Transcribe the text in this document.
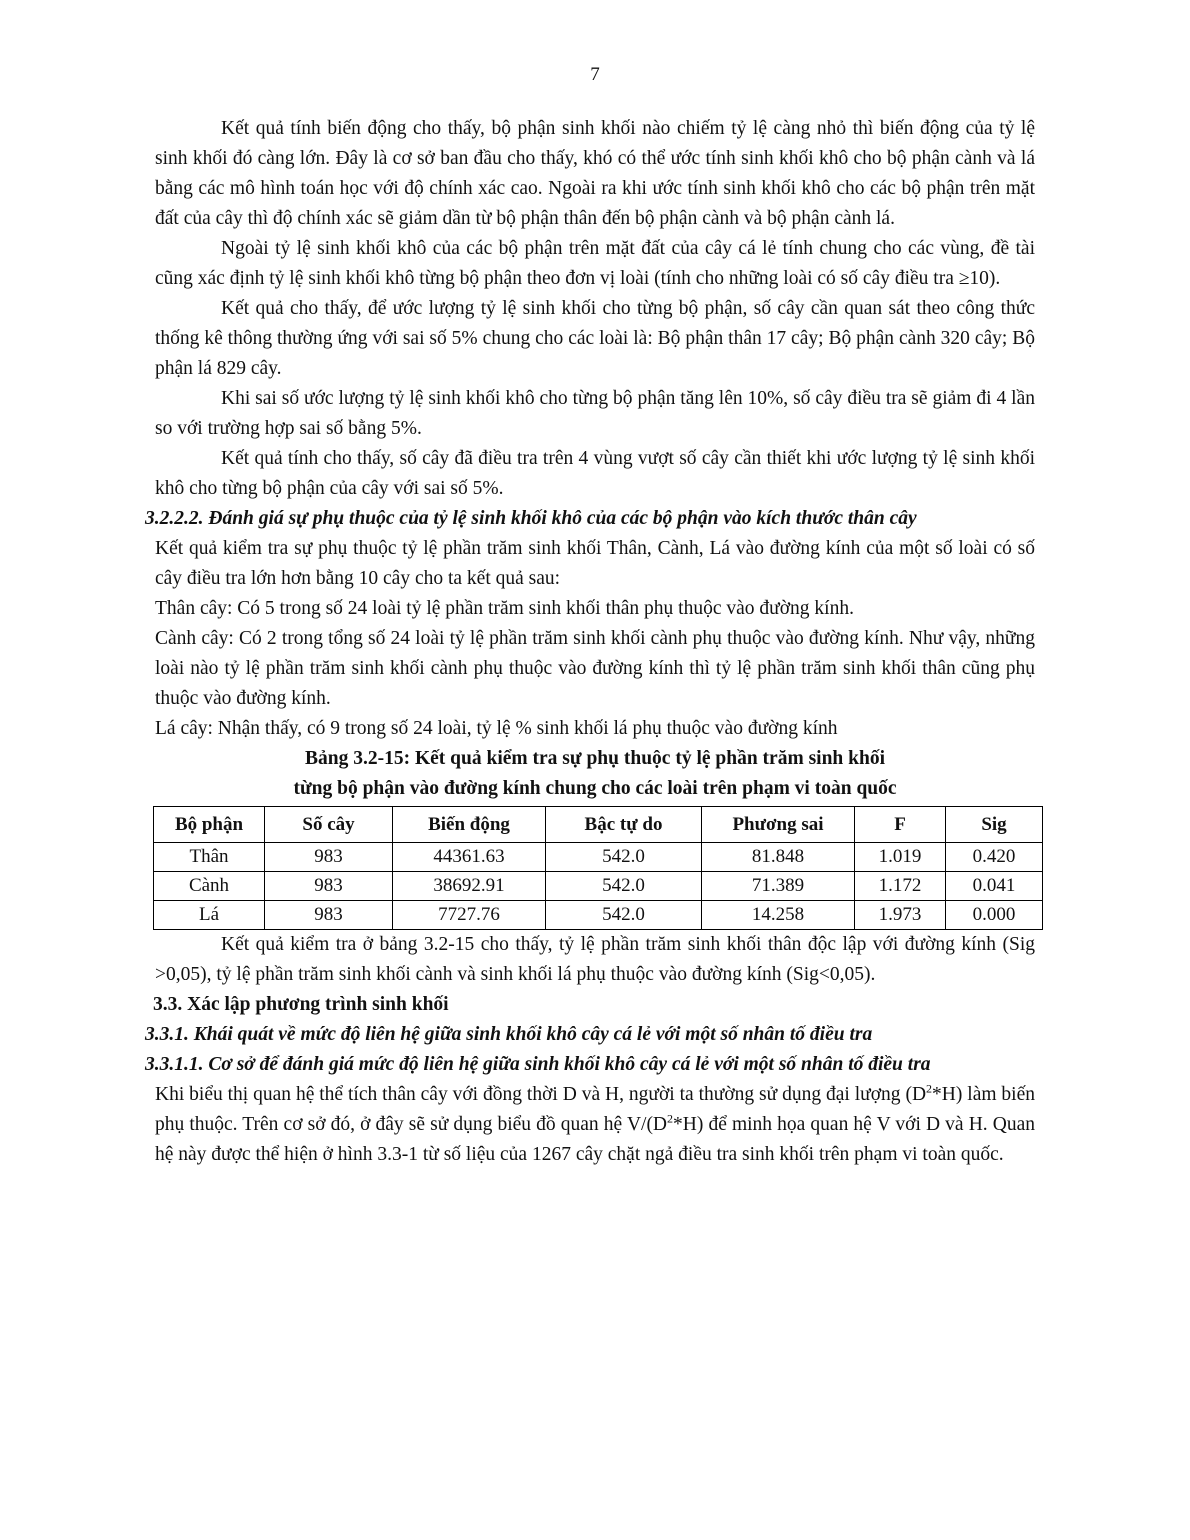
7

Kết quả tính biến động cho thấy, bộ phận sinh khối nào chiếm tỷ lệ càng nhỏ thì biến động của tỷ lệ sinh khối đó càng lớn. Đây là cơ sở ban đầu cho thấy, khó có thể ước tính sinh khối khô cho bộ phận cành và lá bằng các mô hình toán học với độ chính xác cao. Ngoài ra khi ước tính sinh khối khô cho các bộ phận trên mặt đất của cây thì độ chính xác sẽ giảm dần từ bộ phận thân đến bộ phận cành và bộ phận cành lá.

Ngoài tỷ lệ sinh khối khô của các bộ phận trên mặt đất của cây cá lẻ tính chung cho các vùng, đề tài cũng xác định tỷ lệ sinh khối khô từng bộ phận theo đơn vị loài (tính cho những loài có số cây điều tra ≥10).

Kết quả cho thấy, để ước lượng tỷ lệ sinh khối cho từng bộ phận, số cây cần quan sát theo công thức thống kê thông thường ứng với sai số 5% chung cho các loài là: Bộ phận thân 17 cây; Bộ phận cành 320 cây; Bộ phận lá 829 cây.

Khi sai số ước lượng tỷ lệ sinh khối khô cho từng bộ phận tăng lên 10%, số cây điều tra sẽ giảm đi 4 lần so với trường hợp sai số bằng 5%.

Kết quả tính cho thấy, số cây đã điều tra trên 4 vùng vượt số cây cần thiết khi ước lượng tỷ lệ sinh khối khô cho từng bộ phận của cây với sai số 5%.

3.2.2.2. Đánh giá sự phụ thuộc của tỷ lệ sinh khối khô của các bộ phận vào kích thước thân cây

Kết quả kiểm tra sự phụ thuộc tỷ lệ phần trăm sinh khối Thân, Cành, Lá vào đường kính của một số loài có số cây điều tra lớn hơn bằng 10 cây cho ta kết quả sau:

Thân cây: Có 5 trong số 24 loài tỷ lệ phần trăm sinh khối thân phụ thuộc vào đường kính.

Cành cây: Có 2 trong tổng số 24 loài tỷ lệ phần trăm sinh khối cành phụ thuộc vào đường kính. Như vậy, những loài nào tỷ lệ phần trăm sinh khối cành phụ thuộc vào đường kính thì tỷ lệ phần trăm sinh khối thân cũng phụ thuộc vào đường kính.

Lá cây: Nhận thấy, có 9 trong số 24 loài, tỷ lệ % sinh khối lá phụ thuộc vào đường kính

Bảng 3.2-15: Kết quả kiểm tra sự phụ thuộc tỷ lệ phần trăm sinh khối
từng bộ phận vào đường kính chung cho các loài trên phạm vi toàn quốc
Bộ phận	Số cây	Biến động	Bậc tự do	Phương sai	F	Sig
Thân	983	44361.63	542.0	81.848	1.019	0.420
Cành	983	38692.91	542.0	71.389	1.172	0.041
Lá	983	7727.76	542.0	14.258	1.973	0.000

Kết quả kiểm tra ở bảng 3.2-15 cho thấy, tỷ lệ phần trăm sinh khối thân độc lập với đường kính (Sig >0,05), tỷ lệ phần trăm sinh khối cành và sinh khối lá phụ thuộc vào đường kính (Sig<0,05).

3.3. Xác lập phương trình sinh khối

3.3.1. Khái quát về mức độ liên hệ giữa sinh khối khô cây cá lẻ với một số nhân tố điều tra

3.3.1.1. Cơ sở để đánh giá mức độ liên hệ giữa sinh khối khô cây cá lẻ với một số nhân tố điều tra

Khi biểu thị quan hệ thể tích thân cây với đồng thời D và H, người ta thường sử dụng đại lượng $(D^2*H)$ làm biến phụ thuộc. Trên cơ sở đó, ở đây sẽ sử dụng biểu đồ quan hệ $V/(D^2*H)$ để minh họa quan hệ V với D và H. Quan hệ này được thể hiện ở hình 3.3-1 từ số liệu của 1267 cây chặt ngả điều tra sinh khối trên phạm vi toàn quốc.
